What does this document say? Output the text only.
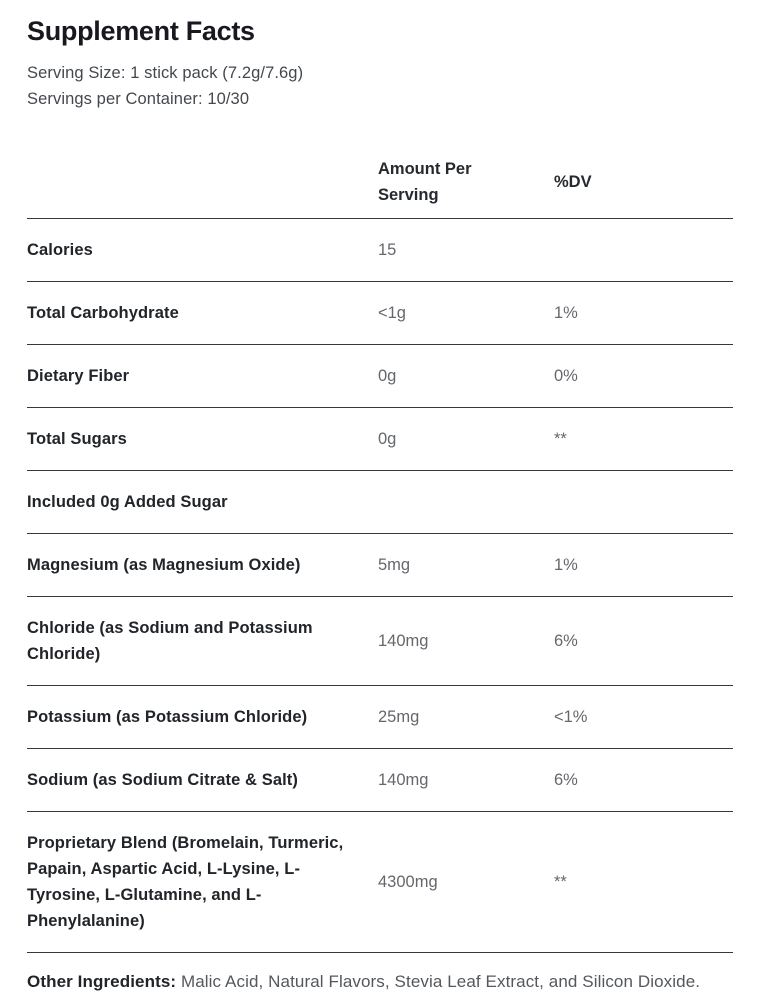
Supplement Facts
Serving Size: 1 stick pack (7.2g/7.6g)
Servings per Container: 10/30
	Amount Per Serving	%DV
Calories	15	
Total Carbohydrate	<1g	1%
Dietary Fiber	0g	0%
Total Sugars	0g	**
Included 0g Added Sugar		
Magnesium (as Magnesium Oxide)	5mg	1%
Chloride (as Sodium and Potassium Chloride)	140mg	6%
Potassium (as Potassium Chloride)	25mg	<1%
Sodium (as Sodium Citrate & Salt)	140mg	6%
Proprietary Blend (Bromelain, Turmeric, Papain, Aspartic Acid, L-Lysine, L-Tyrosine, L-Glutamine, and L-Phenylalanine)	4300mg	**
Other Ingredients: Malic Acid, Natural Flavors, Stevia Leaf Extract, and Silicon Dioxide.
